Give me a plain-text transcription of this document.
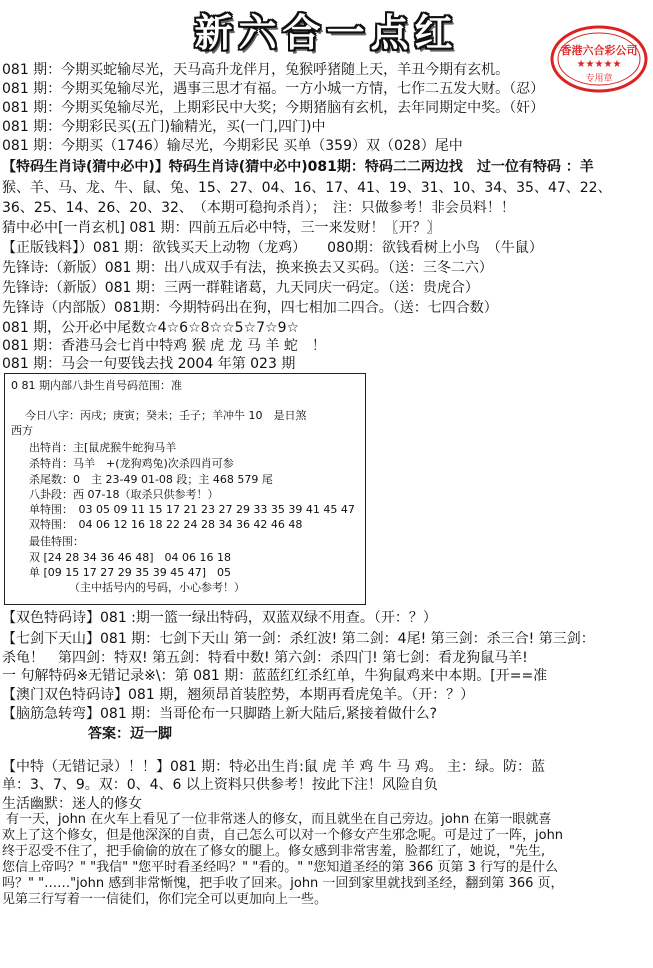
新六合一点红	香港六合彩公司
★★★★★
专用章
081 期：今期买蛇输尽光，天马高升龙伴月，兔猴呼猪随上天，羊丑今期有玄机。
081 期：今期买兔输尽光，遇事三思才有福。一方小城一方情，七作二五发大财。（忍）
081 期：今期买兔输尽光，上期彩民中大奖；今期猪脑有玄机，去年同期定中奖。（奸）
081 期：今期彩民买(五门)输精光，买(一门,四门)中
081 期：今期买（1746）输尽光，今期彩民 买单（359）双（028）尾中
【特码生肖诗(猜中必中)】特码生肖诗(猜中必中)081期：特码二二两边找　过一位有特码 ：羊
猴、羊、马、龙、牛、鼠、兔、15、27、04、16、17、41、19、31、10、34、35、47、22、
36、25、14、26、20、32、　（本期可稳拘杀肖）；　注：只做参考！非会员料！！
猜中必中[一肖玄机] 081 期：四前五后必中特，三一来发财！〖开？〗
【正版钱料】）081 期：欲钱买天上动物（龙鸡）　　080期：欲钱看树上小鸟　（牛鼠）
先锋诗:（新版）081 期：出八成双手有法，换来换去又买码。（送：三冬二六）
先锋诗:（新版）081 期：三两一群鞋诸葛，九天同庆一码定。（送：贵虎合）
先锋诗（内部版）081期：今期特码出在狗，四七相加二四合。（送：七四合数）
081 期，公开必中尾数☆4☆6☆8☆☆5☆7☆9☆
081 期：香港马会七肖中特鸡 猴 虎 龙 马 羊 蛇　！
081 期：马会一句要钱去找 2004 年第 023 期
0 81 期内部八卦生肖号码范围：准
今日八字：丙戌；庚寅；癸未；壬子；羊冲牛 10　是日煞
西方
出特肖：主[鼠虎猴牛蛇狗马羊
杀特肖：马羊　+(龙狗鸡兔)次杀四肖可参
杀尾数：0　主 23-49 01-08 段；主 468 579 尾
八卦段：西 07-18（取杀只供参考！）
单特围：　03 05 09 11 15 17 21 23 27 29 33 35 39 41 45 47
双特围：　04 06 12 16 18 22 24 28 34 36 42 46 48
最佳特围：
双 [24 28 34 36 46 48]　04 06 16 18
单 [09 15 17 27 29 35 39 45 47]　05
（主中括号内的号码，小心参考！）
【双色特码诗】081 :期一篮一绿出特码，双蓝双绿不用查。（开：？）
【七剑下天山】081 期：七剑下天山 第一剑：杀红波! 第二剑：4尾! 第三剑：杀三合! 第三剑：
杀龟！　第四剑：特双! 第五剑：特看中数! 第六剑：杀四门! 第七剑：看龙狗鼠马羊!
一 句解特码※无错记录※\：第 081 期：蓝蓝红红杀红单，牛狗鼠鸡来中本期。[开==准
【澳门双色特码诗】081 期，翘须昂首装腔势，本期再看虎兔羊。（开：？）
【脑筋急转弯】081 期：当哥伦布一只脚踏上新大陆后,紧接着做什么?
答案：迈一脚
【中特（无错记录）！！】081 期：特必出生肖:鼠 虎 羊 鸡 牛 马 鸡。 主：绿。防：蓝
单：3、7、9。双：0、4、6 以上资料只供参考！按此下注！风险自负
生活幽默：迷人的修女
有一天，john 在火车上看见了一位非常迷人的修女，而且就坐在自己旁边。john 在第一眼就喜
欢上了这个修女，但是他深深的自责，自己怎么可以对一个修女产生邪念呢。可是过了一阵，john
终于忍受不住了，把手偷偷的放在了修女的腿上。修女感到非常害羞，脸都红了，她说，"先生,
您信上帝吗？" "我信" "您平时看圣经吗？" "看的。" "您知道圣经的第 366 页第 3 行写的是什么
吗？" "……"john 感到非常惭愧，把手收了回来。john 一回到家里就找到圣经，翻到第 366 页，
见第三行写着一一信徒们，你们完全可以更加向上一些。
